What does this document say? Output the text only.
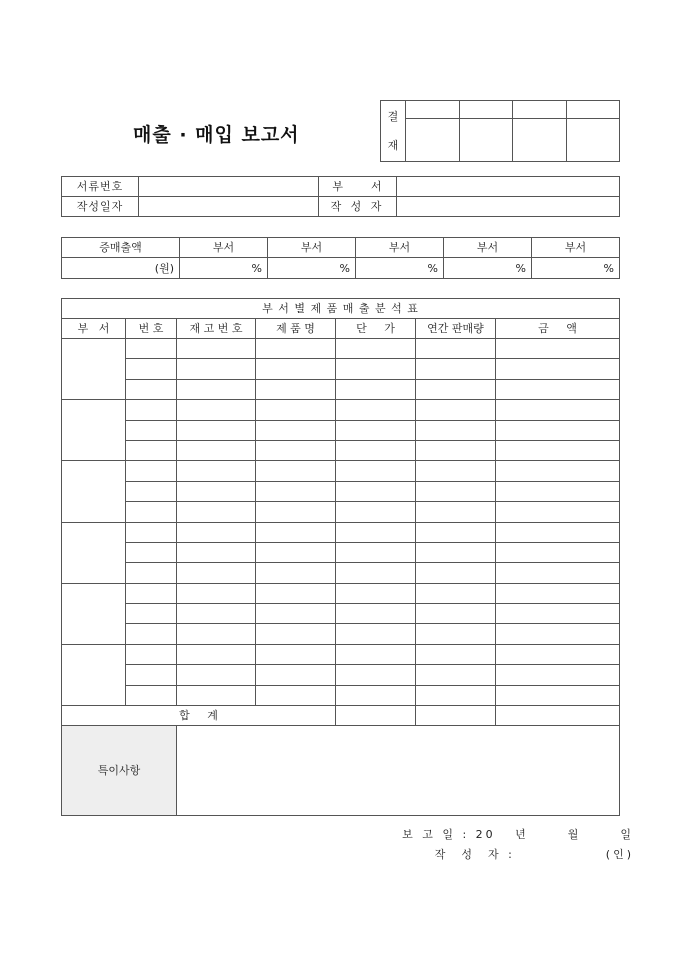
매출 · 매입 보고서
결
재				

서류번호		부      서	
작성일자		작 성 자	
증매출액	부서	부서	부서	부서	부서
(원)	%	%	%	%	%
부 서 별 제 품 매 출 분 석 표						
부   서	번 호	재 고 번 호	제 품 명	단     가	연간 판매량	금     액

합     계						
특이사항						
보 고 일 : 20   년      월      일
작  성  자 :              (인)
